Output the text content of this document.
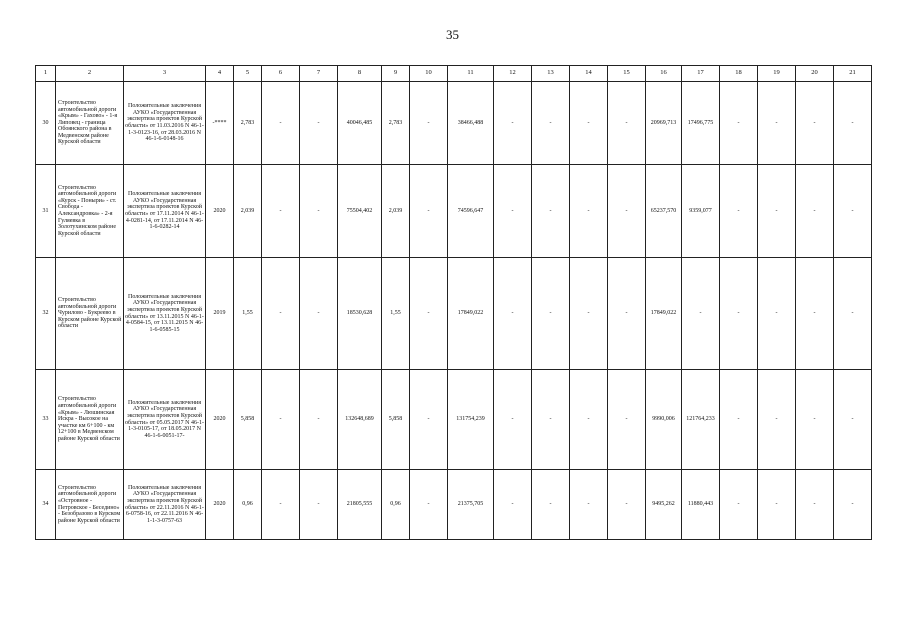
35
1	2	3	4	5	6	7	8	9	10	11	12	13	14	15	16	17	18	19	20	21
30	Строительство автомобильной дороги «Крым» - Гахово» - 1-я Липовец - граница Обоянского района в Медвенском районе Курской области	Положительные заключения АУКО «Государственная экспертиза проектов Курской области» от 11.03.2016 N 46-1-1-3-0123-16, от 28.03.2016 N 46-1-6-0148-16	-****	2,783	-	-	40046,485	2,783	-	38466,488	-	-	-	-	20969,713	17496,775	-	-	-	-
31	Строительство автомобильной дороги «Курск - Поныри» - ст. Свобода - Александровка» - 2-я Гуляевка в Золотухинском районе Курской области	Положительные заключения АУКО «Государственная экспертиза проектов Курской области» от 17.11.2014 N 46-1-4-0281-14, от 17.11.2014 N 46-1-6-0282-14	2020	2,039	-	-	75504,402	2,039	-	74596,647	-	-	-	-	65237,570	9359,077	-	-	-	-
32	Строительство автомобильной дороги Чурилово - Букреево в Курском районе Курской области	Положительные заключения АУКО «Государственная экспертиза проектов Курской области» от 13.11.2015 N 46-1-4-0584-15, от 13.11.2015 N 46-1-6-0585-15	2019	1,55	-	-	18530,628	1,55	-	17849,022	-	-	-	-	17849,022	-	-	-	-	-
33	Строительство автомобильной дороги «Крым» - Люшинская Искра - Высокое на участке км 6+100 - км 12+100 в Медвенском районе Курской области	Положительные заключения АУКО «Государственная экспертиза проектов Курской области» от 05.05.2017 N 46-1-1-3-0105-17, от 18.05.2017 N 46-1-6-0051-17-	2020	5,858	-	-	132648,689	5,858	-	131754,239	-	-	-	-	9990,006	121764,233	-	-	-	-
34	Строительство автомобильной дороги «Островное - Петровское - Беседино» - Безобразово в Курском районе Курской области	Положительные заключения АУКО «Государственная экспертиза проектов Курской области» от 22.11.2016 N 46-1-6-0758-16, от 22.11.2016 N 46-1-1-3-0757-63	2020	0,96	-	-	21805,555	0,96	-	21375,705	-	-	-	-	9495,262	11880,443	-	-	-	-
